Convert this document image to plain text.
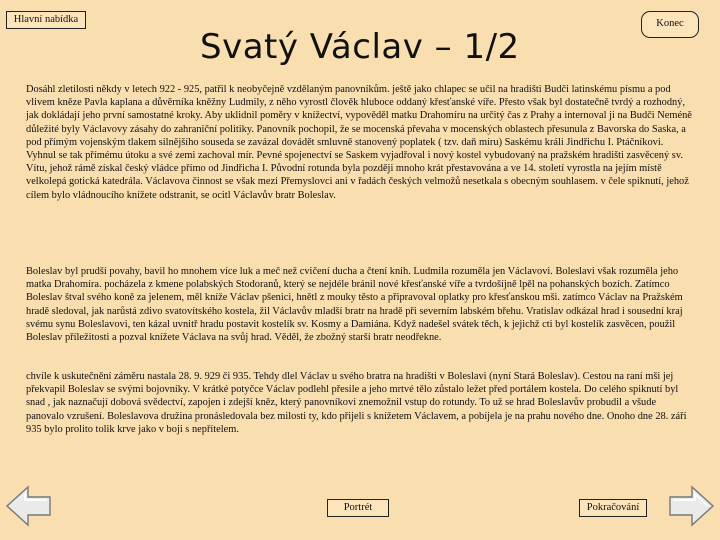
Hlavní nabídka	Konec
Svatý Václav – 1/2

Dosáhl zletilosti někdy v letech 922 - 925, patřil k neobyčejně vzdělaným panovníkům. ještě jako chlapec se učil na hradišti Budči latinskému písmu a pod vlivem kněze Pavla kaplana a důvěrníka kněžny Ludmily, z něho vyrostl člověk hluboce oddaný křesťanské víře. Přesto však byl dostatečně tvrdý a rozhodný, jak dokládají jeho první samostatné kroky. Aby uklidnil poměry v knížectví, vypověděl matku Drahomíru na určitý čas z Prahy a internoval ji na Budči Neméně důležité byly Václavovy zásahy do zahraniční politiky. Panovník pochopil, že se mocenská převaha v mocenských oblastech přesunula z Bavorska do Saska, a pod přímým vojenským tlakem silnějšího souseda se zavázal dovádět smluvně stanovený poplatek ( tzv. daň míru) Saskému králi Jindřichu I. Ptáčníkovi. Vyhnul se tak přímému útoku a své zemi zachoval mír. Pevné spojenectví se Saskem vyjadřoval i nový kostel vybudovaný na pražském hradišti zasvěcený sv. Vítu, jehož rámě získal český vládce přímo od Jindřicha I. Původní rotunda byla později mnoho krát přestavována a ve 14. století vyrostla na jejím místě velkolepá gotická katedrála. Václavova činnost se však mezi Přemyslovci ani v řadách českých velmožů nesetkala s obecným souhlasem. v čele spiknutí, jehož cílem bylo vládnoucího knížete odstranit, se ocitl Václavův bratr Boleslav.

Boleslav byl prudší povahy, bavil ho mnohem více luk a meč než cvičení ducha a čtení knih. Ludmila rozuměla jen Václavovi. Boleslavi však rozuměla jeho matka Drahomíra. pocházela z kmene polabských Stodoranů, který se nejdéle bránil nové křesťanské víře a tvrdošíjně lpěl na pohanských bozích. Zatímco Boleslav štval svého koně za jelenem, měl kníže Václav pšenici, hnětl z mouky těsto a připravoval oplatky pro křesťanskou mši. zatímco Václav na Pražském hradě sledoval, jak narůstá zdivo svatovítského kostela, žil Václavův mladší bratr na hradě při severním labském břehu. Vratislav odkázal hrad i sousední kraj svému synu Boleslavovi, ten kázal uvnitř hradu postavit kostelík sv. Kosmy a Damiána. Když nadešel svátek těch, k jejichž cti byl kostelík zasvěcen, použil Boleslav příležitosti a pozval knížete Václava na svůj hrad. Věděl, že zbožný starší bratr neodřekne.

chvíle k uskutečnění záměru nastala 28. 9. 929 či 935. Tehdy dlel Václav u svého bratra na hradišti v Boleslavi (nyní Stará Boleslav). Cestou na raní mši jej překvapil Boleslav se svými bojovníky. V krátké potyčce Václav podlehl přesile a jeho mrtvé tělo zůstalo ležet před portálem kostela. Do celého spiknutí byl snad , jak naznačují dobová svědectví, zapojen i zdejší kněz, který panovníkovi znemožnil vstup do rotundy. To už se hrad Boleslavův probudil a všude panovalo vzrušení. Boleslavova družina pronásledovala bez milosti ty, kdo přijeli s knížetem Václavem, a pobíjela je na prahu nového dne. Onoho dne 28. září 935 bylo prolito tolik krve jako v boji s nepřítelem.

Portrét	Pokračování
